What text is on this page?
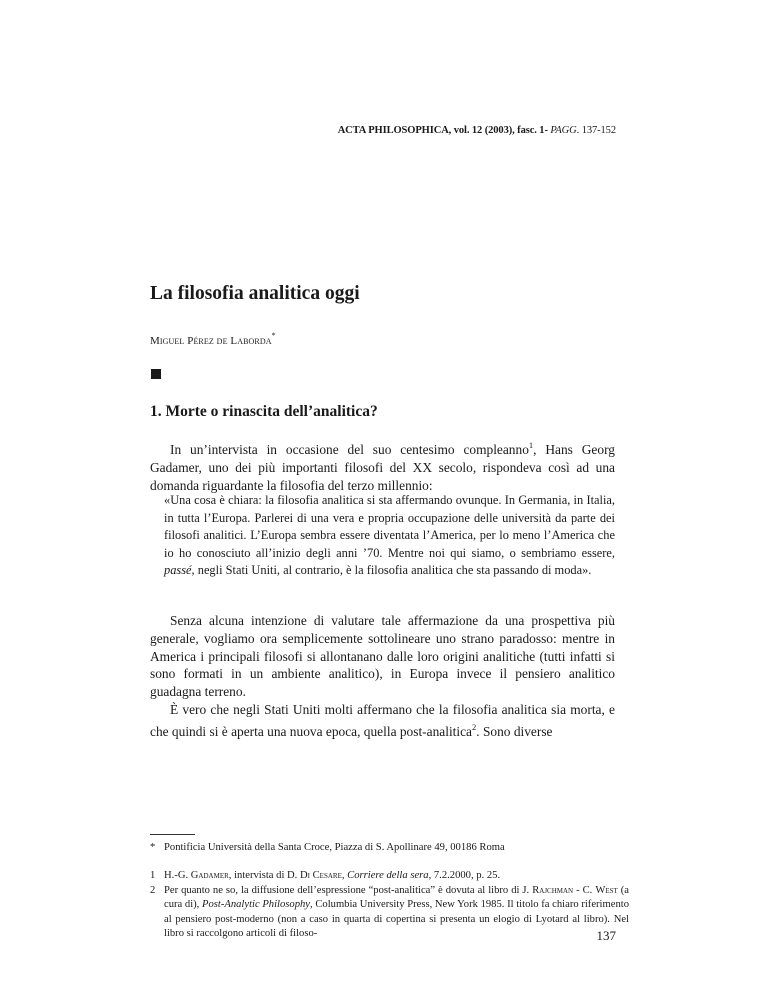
ACTA PHILOSOPHICA, vol. 12 (2003), fasc. 1- PAGG. 137-152
La filosofia analitica oggi
Miguel Pérez de Laborda*
1. Morte o rinascita dell’analitica?

In un’intervista in occasione del suo centesimo compleanno$^1$, Hans Georg Gadamer, uno dei più importanti filosofi del XX secolo, rispondeva così ad una domanda riguardante la filosofia del terzo millennio:

«Una cosa è chiara: la filosofia analitica si sta affermando ovunque. In Germania, in Italia, in tutta l’Europa. Parlerei di una vera e propria occupazione delle università da parte dei filosofi analitici. L’Europa sembra essere diventata l’America, per lo meno l’America che io ho conosciuto all’inizio degli anni ’70. Mentre noi qui siamo, o sembriamo essere, passé, negli Stati Uniti, al contrario, è la filosofia analitica che sta passando di moda».

Senza alcuna intenzione di valutare tale affermazione da una prospettiva più generale, vogliamo ora semplicemente sottolineare uno strano paradosso: mentre in America i principali filosofi si allontanano dalle loro origini analitiche (tutti infatti si sono formati in un ambiente analitico), in Europa invece il pensiero analitico guadagna terreno.

È vero che negli Stati Uniti molti affermano che la filosofia analitica sia morta, e che quindi si è aperta una nuova epoca, quella post-analitica$^2$. Sono diverse

* Pontificia Università della Santa Croce, Piazza di S. Apollinare 49, 00186 Roma

1 H.-G. Gadamer, intervista di D. Di Cesare, Corriere della sera, 7.2.2000, p. 25.

2 Per quanto ne so, la diffusione dell’espressione “post-analitica” è dovuta al libro di J. Rajchman - C. West (a cura di), Post-Analytic Philosophy, Columbia University Press, New York 1985. Il titolo fa chiaro riferimento al pensiero post-moderno (non a caso in quarta di copertina si presenta un elogio di Lyotard al libro). Nel libro si raccolgono articoli di filoso-	137
